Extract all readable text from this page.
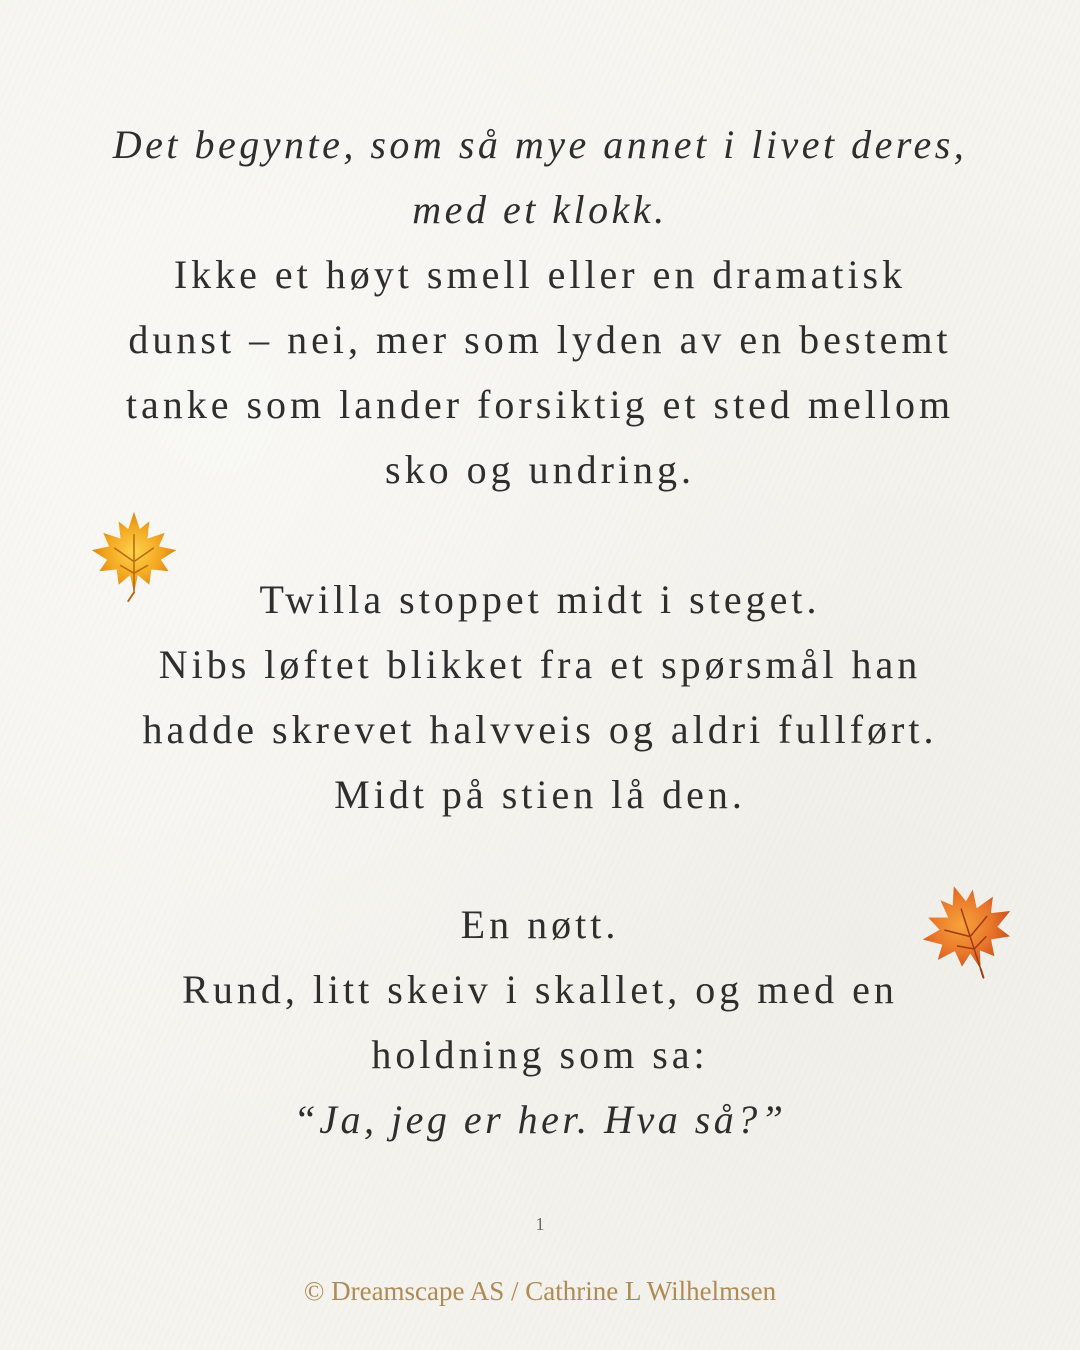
Det begynte, som så mye annet i livet deres,
med et klokk.
Ikke et høyt smell eller en dramatisk
dunst – nei, mer som lyden av en bestemt
tanke som lander forsiktig et sted mellom
sko og undring.
Twilla stoppet midt i steget.
Nibs løftet blikket fra et spørsmål han
hadde skrevet halvveis og aldri fullført.
Midt på stien lå den.
En nøtt.
Rund, litt skeiv i skallet, og med en
holdning som sa:
“Ja, jeg er her. Hva så?”
1
© Dreamscape AS / Cathrine L Wilhelmsen
